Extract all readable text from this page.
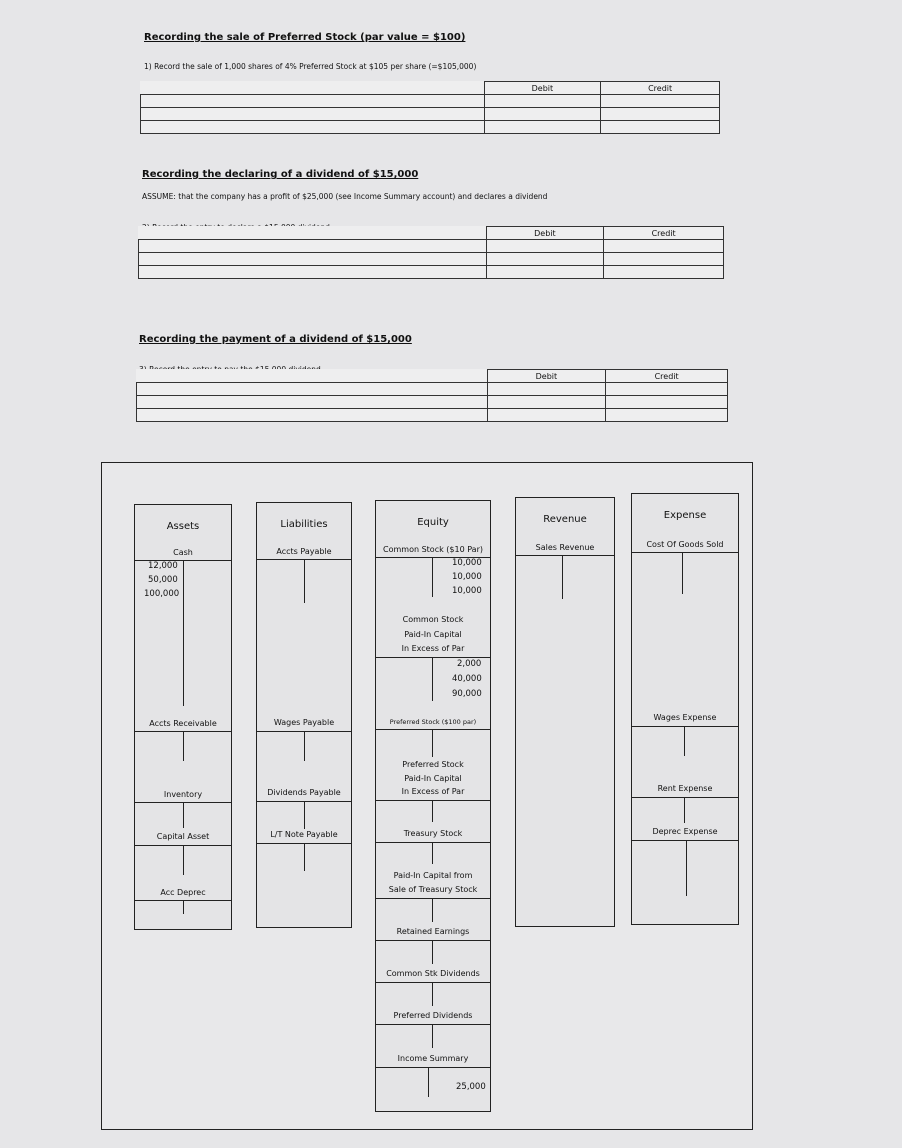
Recording the sale of Preferred Stock (par value = $100)
1) Record the sale of 1,000 shares of 4% Preferred Stock at $105 per share (=$105,000)
	Debit	Credit

Recording the declaring of a dividend of $15,000
ASSUME: that the company has a profit of $25,000 (see Income Summary account) and declares a dividend
	Debit	Credit

Recording the payment of a dividend of $15,000
	Debit	Credit

Assets
Cash
12,000
50,000
100,000
Accts Receivable
Inventory
Capital Asset
Acc Deprec
Liabilities
Accts Payable
Wages Payable
Dividends Payable
L/T Note Payable
Equity
Common Stock ($10 Par)
10,000
10,000
10,000
Common Stock
Paid-In Capital
In Excess of Par
2,000
40,000
90,000
Preferred Stock ($100 par)
Preferred Stock
Paid-In Capital
In Excess of Par
Treasury Stock
Paid-In Capital from
Sale of Treasury Stock
Retained Earnings
Common Stk Dividends
Preferred Dividends
Income Summary
25,000
Revenue
Sales Revenue
Expense
Cost Of Goods Sold
Wages Expense
Rent Expense
Deprec Expense
